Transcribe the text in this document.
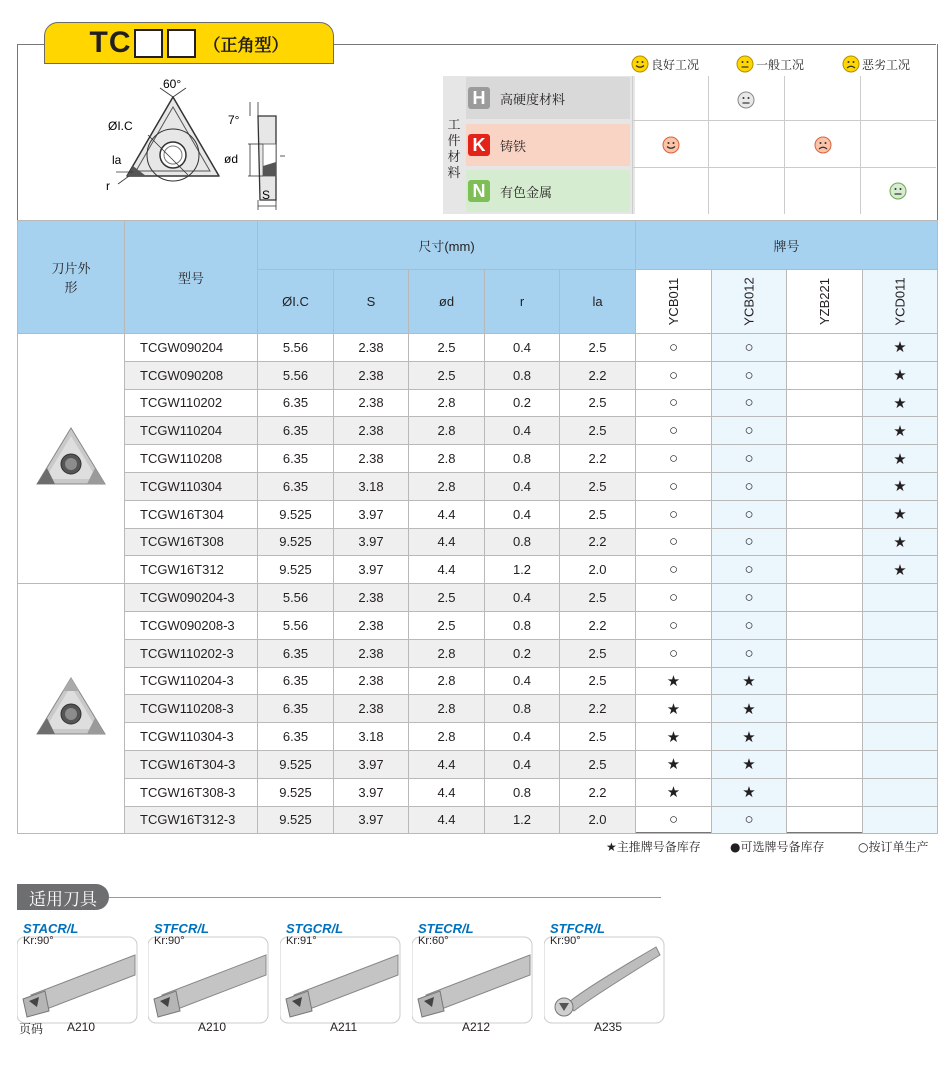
TC	（正角型）
60°
ØI.C
la
r
7°
ød
S
良好工况	一般工况	恶劣工况
工件材料
H	高硬度材料
K	铸铁
N	有色金属
刀片外形	型号	尺寸(mm)					牌号			
		ØI.C	S	ød	r	la	YCB011	YCB012	YZB221	YCD011
	TCGW090204	5.56	2.38	2.5	0.4	2.5	○	○		★
	TCGW090208	5.56	2.38	2.5	0.8	2.2	○	○		★
	TCGW110202	6.35	2.38	2.8	0.2	2.5	○	○		★
	TCGW110204	6.35	2.38	2.8	0.4	2.5	○	○		★
	TCGW110208	6.35	2.38	2.8	0.8	2.2	○	○		★
	TCGW110304	6.35	3.18	2.8	0.4	2.5	○	○		★
	TCGW16T304	9.525	3.97	4.4	0.4	2.5	○	○		★
	TCGW16T308	9.525	3.97	4.4	0.8	2.2	○	○		★
	TCGW16T312	9.525	3.97	4.4	1.2	2.0	○	○		★
	TCGW090204-3	5.56	2.38	2.5	0.4	2.5	○	○		
	TCGW090208-3	5.56	2.38	2.5	0.8	2.2	○	○		
	TCGW110202-3	6.35	2.38	2.8	0.2	2.5	○	○		
	TCGW110204-3	6.35	2.38	2.8	0.4	2.5	★	★		
	TCGW110208-3	6.35	2.38	2.8	0.8	2.2	★	★		
	TCGW110304-3	6.35	3.18	2.8	0.4	2.5	★	★		
	TCGW16T304-3	9.525	3.97	4.4	0.4	2.5	★	★		
	TCGW16T308-3	9.525	3.97	4.4	0.8	2.2	★	★		
	TCGW16T312-3	9.525	3.97	4.4	1.2	2.0	○	○		
★主推牌号备库存 ●可选牌号备库存	○按订单生产
适用刀具
STACR/L
Kr:90°
A210
STFCR/L
Kr:90°
A210
STGCR/L
Kr:91°
A211
STECR/L
Kr:60°
A212
STFCR/L
Kr:90°
A235
页码
